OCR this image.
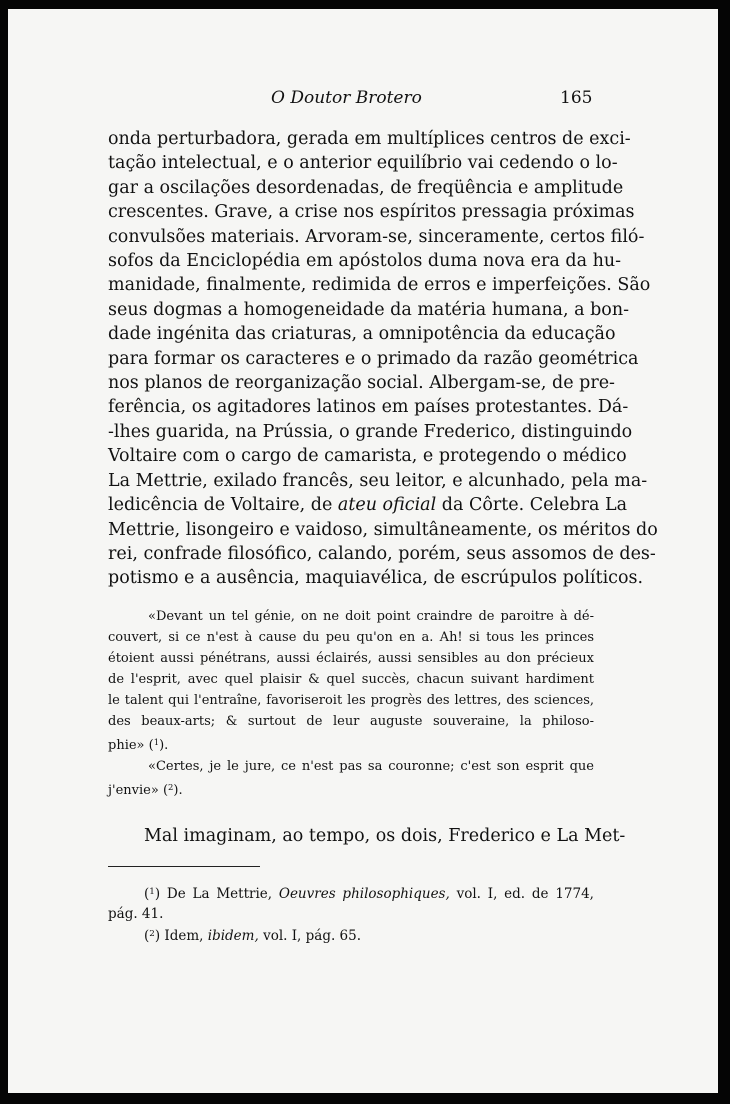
O Doutor Brotero	165
onda perturbadora, gerada em multíplices centros de exci-
tação intelectual, e o anterior equilíbrio vai cedendo o lo-
gar a oscilações desordenadas, de freqüência e amplitude
crescentes. Grave, a crise nos espíritos pressagia próximas
convulsões materiais. Arvoram-se, sinceramente, certos filó-
sofos da Enciclopédia em apóstolos duma nova era da hu-
manidade, finalmente, redimida de erros e imperfeições. São
seus dogmas a homogeneidade da matéria humana, a bon-
dade ingénita das criaturas, a omnipotência da educação
para formar os caracteres e o primado da razão geométrica
nos planos de reorganização social. Albergam-se, de pre-
ferência, os agitadores latinos em países protestantes. Dá-
-lhes guarida, na Prússia, o grande Frederico, distinguindo
Voltaire com o cargo de camarista, e protegendo o médico
La Mettrie, exilado francês, seu leitor, e alcunhado, pela ma-
ledicência de Voltaire, de ateu oficial da Côrte. Celebra La
Mettrie, lisongeiro e vaidoso, simultâneamente, os méritos do
rei, confrade filosófico, calando, porém, seus assomos de des-
potismo e a ausência, maquiavélica, de escrúpulos políticos.
«Devant un tel génie, on ne doit point craindre de paroitre à dé-
couvert, si ce n'est à cause du peu qu'on en a. Ah! si tous les princes
étoient aussi pénétrans, aussi éclairés, aussi sensibles au don précieux
de l'esprit, avec quel plaisir & quel succès, chacun suivant hardiment
le talent qui l'entraîne, favoriseroit les progrès des lettres, des sciences,
des beaux-arts; & surtout de leur auguste souveraine, la philoso-
phie» ($^1$).
«Certes, je le jure, ce n'est pas sa couronne; c'est son esprit que
j'envie» ($^2$).
Mal imaginam, ao tempo, os dois, Frederico e La Met-
($^1$) De La Mettrie, Oeuvres philosophiques, vol. I, ed. de 1774,
pág. 41.
($^2$) Idem, ibidem, vol. I, pág. 65.
